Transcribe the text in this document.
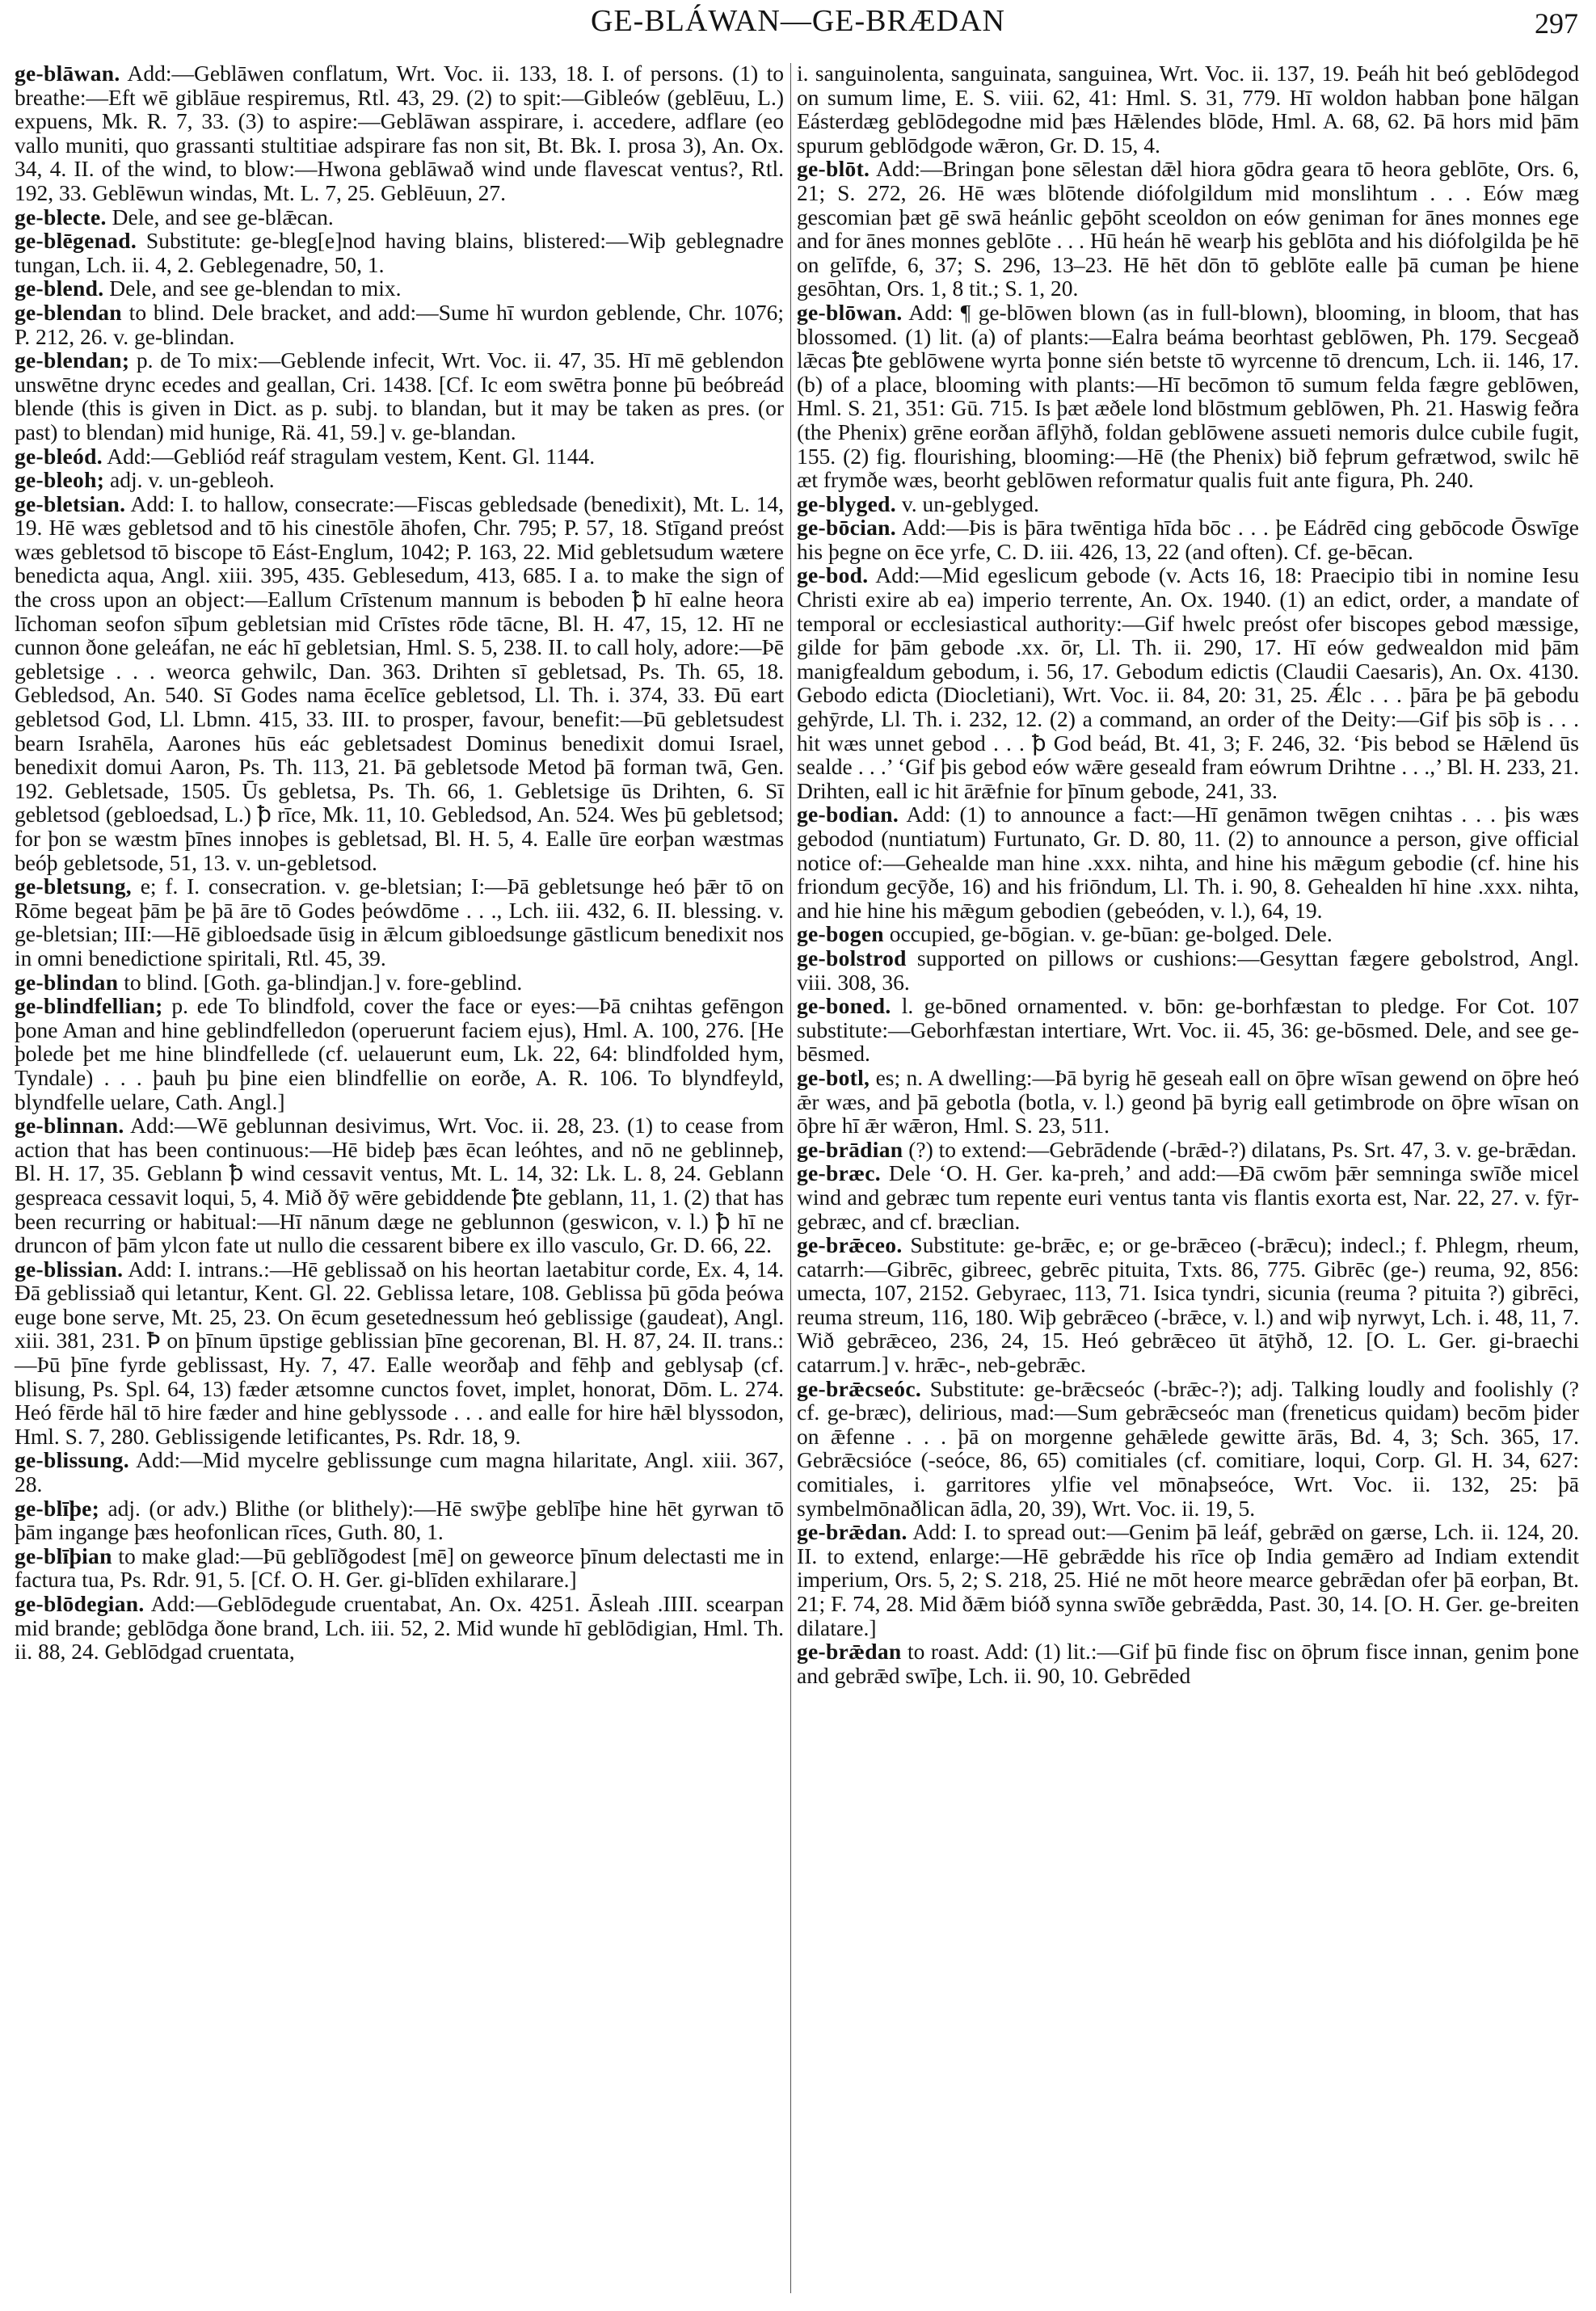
GE-BLÁWAN—GE-BRÆDAN	297

ge-blāwan. Add:—Geblāwen conflatum, Wrt. Voc. ii. 133, 18. I. of persons. (1) to breathe:—Eft wē giblāue respiremus, Rtl. 43, 29. (2) to spit:—Gibleów (geblēuu, L.) expuens, Mk. R. 7, 33. (3) to aspire:—Geblāwan asspirare, i. accedere, adflare (eo vallo muniti, quo grassanti stultitiae adspirare fas non sit, Bt. Bk. I. prosa 3), An. Ox. 34, 4. II. of the wind, to blow:—Hwona geblāwað wind unde flavescat ventus?, Rtl. 192, 33. Geblēwun windas, Mt. L. 7, 25. Geblēuun, 27.

ge-blecte. Dele, and see ge-blǣcan.

ge-blēgenad. Substitute: ge-bleg[e]nod having blains, blistered:—Wiþ geblegnadre tungan, Lch. ii. 4, 2. Geblegenadre, 50, 1.

ge-blend. Dele, and see ge-blendan to mix.

ge-blendan to blind. Dele bracket, and add:—Sume hī wurdon geblende, Chr. 1076; P. 212, 26. v. ge-blindan.

ge-blendan; p. de To mix:—Geblende infecit, Wrt. Voc. ii. 47, 35. Hī mē geblendon unswētne drync ecedes and geallan, Cri. 1438. [Cf. Ic eom swētra þonne þū beóbreád blende (this is given in Dict. as p. subj. to blandan, but it may be taken as pres. (or past) to blendan) mid hunige, Rä. 41, 59.] v. ge-blandan.

ge-bleód. Add:—Gebliód reáf stragulam vestem, Kent. Gl. 1144.

ge-bleoh; adj. v. un-gebleoh.

ge-bletsian. Add: I. to hallow, consecrate:—Fiscas gebledsade (benedixit), Mt. L. 14, 19. Hē wæs gebletsod and tō his cinestōle āhofen, Chr. 795; P. 57, 18. Stīgand preóst wæs gebletsod tō biscope tō Eást-Englum, 1042; P. 163, 22. Mid gebletsudum wætere benedicta aqua, Angl. xiii. 395, 435. Geblesedum, 413, 685. I a. to make the sign of the cross upon an object:—Eallum Crīstenum mannum is beboden ꝥ hī ealne heora līchoman seofon sīþum gebletsian mid Crīstes rōde tācne, Bl. H. 47, 15, 12. Hī ne cunnon ðone geleáfan, ne eác hī gebletsian, Hml. S. 5, 238. II. to call holy, adore:—Þē gebletsige . . . weorca gehwilc, Dan. 363. Drihten sī gebletsad, Ps. Th. 65, 18. Gebledsod, An. 540. Sī Godes nama ēcelīce gebletsod, Ll. Th. i. 374, 33. Ðū eart gebletsod God, Ll. Lbmn. 415, 33. III. to prosper, favour, benefit:—Þū gebletsudest bearn Israhēla, Aarones hūs eác gebletsadest Dominus benedixit domui Israel, benedixit domui Aaron, Ps. Th. 113, 21. Þā gebletsode Metod þā forman twā, Gen. 192. Gebletsade, 1505. Ūs gebletsa, Ps. Th. 66, 1. Gebletsige ūs Drihten, 6. Sī gebletsod (gebloedsad, L.) ꝥ rīce, Mk. 11, 10. Gebledsod, An. 524. Wes þū gebletsod; for þon se wæstm þīnes innoþes is gebletsad, Bl. H. 5, 4. Ealle ūre eorþan wæstmas beóþ gebletsode, 51, 13. v. un-gebletsod.

ge-bletsung, e; f. I. consecration. v. ge-bletsian; I:—Þā gebletsunge heó þǣr tō on Rōme begeat þām þe þā āre tō Godes þeówdōme . . ., Lch. iii. 432, 6. II. blessing. v. ge-bletsian; III:—Hē gibloedsade ūsig in ǣlcum gibloedsunge gāstlicum benedixit nos in omni benedictione spiritali, Rtl. 45, 39.

ge-blindan to blind. [Goth. ga-blindjan.] v. fore-geblind.

ge-blindfellian; p. ede To blindfold, cover the face or eyes:—Þā cnihtas gefēngon þone Aman and hine geblindfelledon (operuerunt faciem ejus), Hml. A. 100, 276. [He þolede þet me hine blindfellede (cf. uelauerunt eum, Lk. 22, 64: blindfolded hym, Tyndale) . . . þauh þu þine eien blindfellie on eorðe, A. R. 106. To blyndfeyld, blyndfelle uelare, Cath. Angl.]

ge-blinnan. Add:—Wē geblunnan desivimus, Wrt. Voc. ii. 28, 23. (1) to cease from action that has been continuous:—Hē bideþ þæs ēcan leóhtes, and nō ne geblinneþ, Bl. H. 17, 35. Geblann ꝥ wind cessavit ventus, Mt. L. 14, 32: Lk. L. 8, 24. Geblann gespreaca cessavit loqui, 5, 4. Mið ðȳ wēre gebiddende ꝥte geblann, 11, 1. (2) that has been recurring or habitual:—Hī nānum dæge ne geblunnon (geswicon, v. l.) ꝥ hī ne druncon of þām ylcon fate ut nullo die cessarent bibere ex illo vasculo, Gr. D. 66, 22.

ge-blissian. Add: I. intrans.:—Hē geblissað on his heortan laetabitur corde, Ex. 4, 14. Ðā geblissiað qui letantur, Kent. Gl. 22. Geblissa letare, 108. Geblissa þū gōda þeówa euge bone serve, Mt. 25, 23. On ēcum gesetednessum heó geblissige (gaudeat), Angl. xiii. 381, 231. Ꝥ on þīnum ūpstige geblissian þīne gecorenan, Bl. H. 87, 24. II. trans.:—Þū þīne fyrde geblissast, Hy. 7, 47. Ealle weorðaþ and fēhþ and geblysaþ (cf. blisung, Ps. Spl. 64, 13) fæder ætsomne cunctos fovet, implet, honorat, Dōm. L. 274. Heó fērde hāl tō hire fæder and hine geblyssode . . . and ealle for hire hǣl blyssodon, Hml. S. 7, 280. Geblissigende letificantes, Ps. Rdr. 18, 9.

ge-blissung. Add:—Mid mycelre geblissunge cum magna hilaritate, Angl. xiii. 367, 28.

ge-blīþe; adj. (or adv.) Blithe (or blithely):—Hē swȳþe geblīþe hine hēt gyrwan tō þām ingange þæs heofonlican rīces, Guth. 80, 1.

ge-blīþian to make glad:—Þū geblīðgodest [mē] on geweorce þīnum delectasti me in factura tua, Ps. Rdr. 91, 5. [Cf. O. H. Ger. gi-blīden exhilarare.]

ge-blōdegian. Add:—Geblōdegude cruentabat, An. Ox. 4251. Āsleah .IIII. scearpan mid brande; geblōdga ðone brand, Lch. iii. 52, 2. Mid wunde hī geblōdigian, Hml. Th. ii. 88, 24. Geblōdgad cruentata,

i. sanguinolenta, sanguinata, sanguinea, Wrt. Voc. ii. 137, 19. Þeáh hit beó geblōdegod on sumum lime, E. S. viii. 62, 41: Hml. S. 31, 779. Hī woldon habban þone hālgan Eásterdæg geblōdegodne mid þæs Hǣlendes blōde, Hml. A. 68, 62. Þā hors mid þām spurum geblōdgode wǣron, Gr. D. 15, 4.

ge-blōt. Add:—Bringan þone sēlestan dǣl hiora gōdra geara tō heora geblōte, Ors. 6, 21; S. 272, 26. Hē wæs blōtende diófolgildum mid monslihtum . . . Eów mæg gescomian þæt gē swā heánlic geþōht sceoldon on eów geniman for ānes monnes ege and for ānes monnes geblōte . . . Hū heán hē wearþ his geblōta and his diófolgilda þe hē on gelīfde, 6, 37; S. 296, 13–23. Hē hēt dōn tō geblōte ealle þā cuman þe hiene gesōhtan, Ors. 1, 8 tit.; S. 1, 20.

ge-blōwan. Add: ¶ ge-blōwen blown (as in full-blown), blooming, in bloom, that has blossomed. (1) lit. (a) of plants:—Ealra beáma beorhtast geblōwen, Ph. 179. Secgeað lǣcas ꝥte geblōwene wyrta þonne sién betste tō wyrcenne tō drencum, Lch. ii. 146, 17. (b) of a place, blooming with plants:—Hī becōmon tō sumum felda fægre geblōwen, Hml. S. 21, 351: Gū. 715. Is þæt æðele lond blōstmum geblōwen, Ph. 21. Haswig feðra (the Phenix) grēne eorðan āflȳhð, foldan geblōwene assueti nemoris dulce cubile fugit, 155. (2) fig. flourishing, blooming:—Hē (the Phenix) bið feþrum gefrætwod, swilc hē æt frymðe wæs, beorht geblōwen reformatur qualis fuit ante figura, Ph. 240.

ge-blyged. v. un-geblyged.

ge-bōcian. Add:—Þis is þāra twēntiga hīda bōc . . . þe Eádrēd cing gebōcode Ōswīge his þegne on ēce yrfe, C. D. iii. 426, 13, 22 (and often). Cf. ge-bēcan.

ge-bod. Add:—Mid egeslicum gebode (v. Acts 16, 18: Praecipio tibi in nomine Iesu Christi exire ab ea) imperio terrente, An. Ox. 1940. (1) an edict, order, a mandate of temporal or ecclesiastical authority:—Gif hwelc preóst ofer biscopes gebod mæssige, gilde for þām gebode .xx. ōr, Ll. Th. ii. 290, 17. Hī eów gedwealdon mid þām manigfealdum gebodum, i. 56, 17. Gebodum edictis (Claudii Caesaris), An. Ox. 4130. Gebodo edicta (Diocletiani), Wrt. Voc. ii. 84, 20: 31, 25. Ǽlc . . . þāra þe þā gebodu gehȳrde, Ll. Th. i. 232, 12. (2) a command, an order of the Deity:—Gif þis sōþ is . . . hit wæs unnet gebod . . . ꝥ God beád, Bt. 41, 3; F. 246, 32. ‘Þis bebod se Hǣlend ūs sealde . . .’ ‘Gif þis gebod eów wǣre geseald fram eówrum Drihtne . . .,’ Bl. H. 233, 21. Drihten, eall ic hit ārǣfnie for þīnum gebode, 241, 33.

ge-bodian. Add: (1) to announce a fact:—Hī genāmon twēgen cnihtas . . . þis wæs gebodod (nuntiatum) Furtunato, Gr. D. 80, 11. (2) to announce a person, give official notice of:—Gehealde man hine .xxx. nihta, and hine his mǣgum gebodie (cf. hine his friondum gecȳðe, 16) and his friōndum, Ll. Th. i. 90, 8. Gehealden hī hine .xxx. nihta, and hie hine his mǣgum gebodien (gebeóden, v. l.), 64, 19.

ge-bogen occupied, ge-bōgian. v. ge-būan: ge-bolged. Dele.

ge-bolstrod supported on pillows or cushions:—Gesyttan fægere gebolstrod, Angl. viii. 308, 36.

ge-boned. l. ge-bōned ornamented. v. bōn: ge-borhfæstan to pledge. For Cot. 107 substitute:—Geborhfæstan intertiare, Wrt. Voc. ii. 45, 36: ge-bōsmed. Dele, and see ge-bēsmed.

ge-botl, es; n. A dwelling:—Þā byrig hē geseah eall on ōþre wīsan gewend on ōþre heó ǣr wæs, and þā gebotla (botla, v. l.) geond þā byrig eall getimbrode on ōþre wīsan on ōþre hī ǣr wǣron, Hml. S. 23, 511.

ge-brādian (?) to extend:—Gebrādende (-brǣd-?) dilatans, Ps. Srt. 47, 3. v. ge-brǣdan.

ge-bræc. Dele ‘O. H. Ger. ka-preh,’ and add:—Ðā cwōm þǣr semninga swīðe micel wind and gebræc tum repente euri ventus tanta vis flantis exorta est, Nar. 22, 27. v. fȳr-gebræc, and cf. bræclian.

ge-brǣceo. Substitute: ge-brǣc, e; or ge-brǣceo (-brǣcu); indecl.; f. Phlegm, rheum, catarrh:—Gibrēc, gibreec, gebrēc pituita, Txts. 86, 775. Gibrēc (ge-) reuma, 92, 856: umecta, 107, 2152. Gebyraec, 113, 71. Isica tyndri, sicunia (reuma ? pituita ?) gibrēci, reuma streum, 116, 180. Wiþ gebrǣceo (-brǣce, v. l.) and wiþ nyrwyt, Lch. i. 48, 11, 7. Wið gebrǣceo, 236, 24, 15. Heó gebrǣceo ūt ātȳhð, 12. [O. L. Ger. gi-braechi catarrum.] v. hrǣc-, neb-gebrǣc.

ge-brǣcseóc. Substitute: ge-brǣcseóc (-brǣc-?); adj. Talking loudly and foolishly (? cf. ge-bræc), delirious, mad:—Sum gebrǣcseóc man (freneticus quidam) becōm þider on ǣfenne . . . þā on morgenne gehǣlede gewitte ārās, Bd. 4, 3; Sch. 365, 17. Gebrǣcsióce (-seóce, 86, 65) comitiales (cf. comitiare, loqui, Corp. Gl. H. 34, 627: comitiales, i. garritores ylfie vel mōnaþseóce, Wrt. Voc. ii. 132, 25: þā symbelmōnaðlican ādla, 20, 39), Wrt. Voc. ii. 19, 5.

ge-brǣdan. Add: I. to spread out:—Genim þā leáf, gebrǣd on gærse, Lch. ii. 124, 20. II. to extend, enlarge:—Hē gebrǣdde his rīce oþ India gemǣro ad Indiam extendit imperium, Ors. 5, 2; S. 218, 25. Hié ne mōt heore mearce gebrǣdan ofer þā eorþan, Bt. 21; F. 74, 28. Mid ðǣm bióð synna swīðe gebrǣdda, Past. 30, 14. [O. H. Ger. ge-breiten dilatare.]

ge-brǣdan to roast. Add: (1) lit.:—Gif þū finde fisc on ōþrum fisce innan, genim þone and gebrǣd swīþe, Lch. ii. 90, 10. Gebrēded
